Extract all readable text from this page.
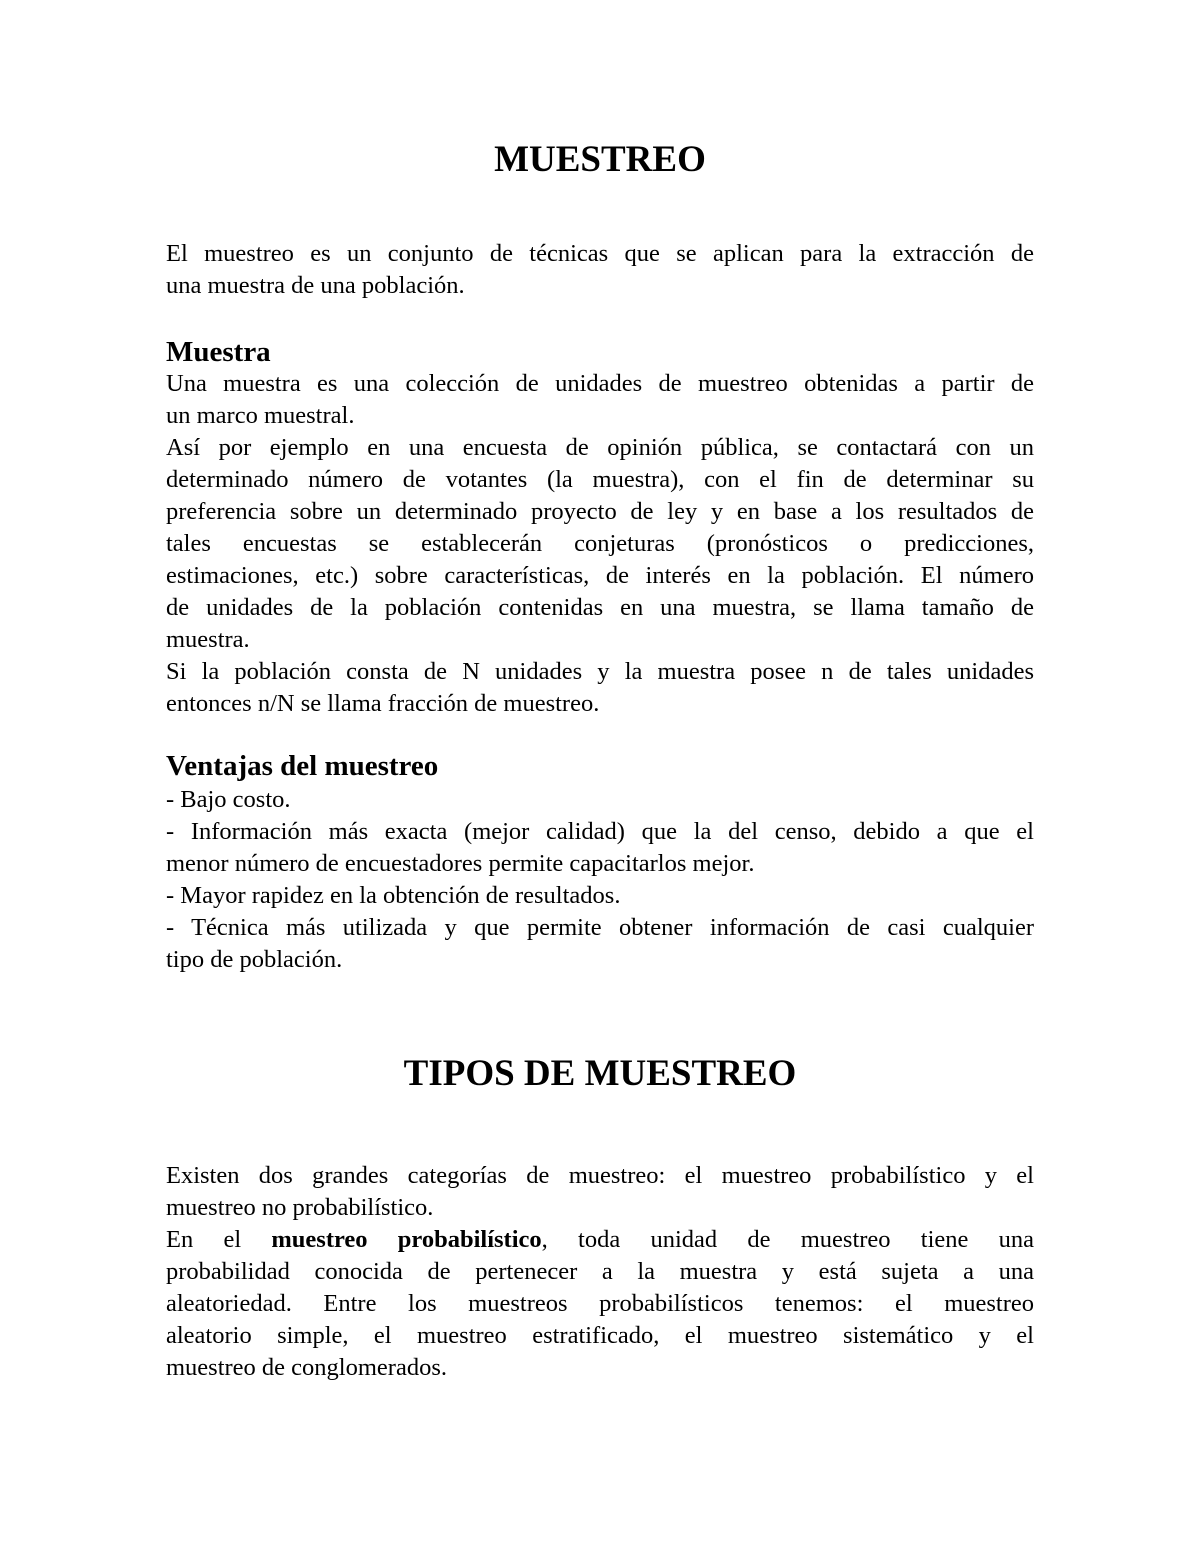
MUESTREO
El muestreo es un conjunto de técnicas que se aplican para la extracción de
una muestra de una población.
Muestra
Una muestra es una colección de unidades de muestreo obtenidas a partir de
un marco muestral.
Así por ejemplo en una encuesta de opinión pública, se contactará con un
determinado número de votantes (la muestra), con el fin de determinar su
preferencia sobre un determinado proyecto de ley y en base a los resultados de
tales encuestas se establecerán conjeturas (pronósticos o predicciones,
estimaciones, etc.) sobre características, de interés en la población. El número
de unidades de la población contenidas en una muestra, se llama tamaño de
muestra.
Si la población consta de N unidades y la muestra posee n de tales unidades
entonces n/N se llama fracción de muestreo.
Ventajas del muestreo
- Bajo costo.
- Información más exacta (mejor calidad) que la del censo, debido a que el
menor número de encuestadores permite capacitarlos mejor.
- Mayor rapidez en la obtención de resultados.
- Técnica más utilizada y que permite obtener información de casi cualquier
tipo de población.
TIPOS DE MUESTREO
Existen dos grandes categorías de muestreo: el muestreo probabilístico y el
muestreo no probabilístico.
En el muestreo probabilístico, toda unidad de muestreo tiene una
probabilidad conocida de pertenecer a la muestra y está sujeta a una
aleatoriedad. Entre los muestreos probabilísticos tenemos: el muestreo
aleatorio simple, el muestreo estratificado, el muestreo sistemático y el
muestreo de conglomerados.
